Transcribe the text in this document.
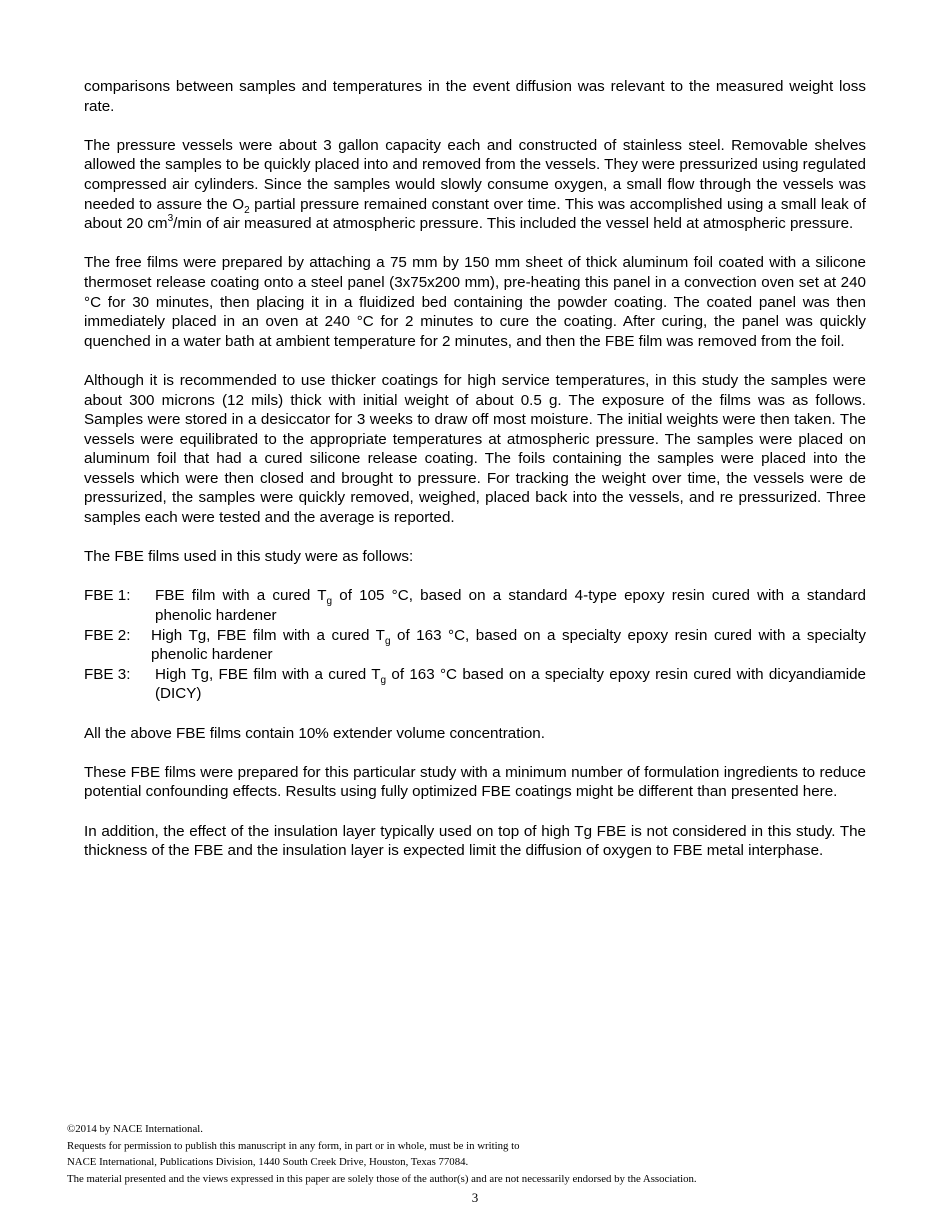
comparisons between samples and temperatures in the event diffusion was relevant to the measured weight loss rate.

The pressure vessels were about 3 gallon capacity each and constructed of stainless steel. Removable shelves allowed the samples to be quickly placed into and removed from the vessels. They were pressurized using regulated compressed air cylinders. Since the samples would slowly consume oxygen, a small flow through the vessels was needed to assure the $O_2$ partial pressure remained constant over time. This was accomplished using a small leak of about 20 $cm^3/\min$ of air measured at atmospheric pressure. This included the vessel held at atmospheric pressure.

The free films were prepared by attaching a 75 mm by 150 mm sheet of thick aluminum foil coated with a silicone thermoset release coating onto a steel panel (3x75x200 mm), pre-heating this panel in a convection oven set at 240 °C for 30 minutes, then placing it in a fluidized bed containing the powder coating. The coated panel was then immediately placed in an oven at 240 °C for 2 minutes to cure the coating. After curing, the panel was quickly quenched in a water bath at ambient temperature for 2 minutes, and then the FBE film was removed from the foil.

Although it is recommended to use thicker coatings for high service temperatures, in this study the samples were about 300 microns (12 mils) thick with initial weight of about 0.5 g. The exposure of the films was as follows. Samples were stored in a desiccator for 3 weeks to draw off most moisture. The initial weights were then taken. The vessels were equilibrated to the appropriate temperatures at atmospheric pressure. The samples were placed on aluminum foil that had a cured silicone release coating. The foils containing the samples were placed into the vessels which were then closed and brought to pressure. For tracking the weight over time, the vessels were de pressurized, the samples were quickly removed, weighed, placed back into the vessels, and re pressurized. Three samples each were tested and the average is reported.

The FBE films used in this study were as follows:

FBE 1:	FBE film with a cured $T_g$ of 105 °C, based on a standard 4-type epoxy resin cured with a standard phenolic hardener
FBE 2:	High Tg, FBE film with a cured $T_g$ of 163 °C, based on a specialty epoxy resin cured with a specialty phenolic hardener
FBE 3:	High Tg, FBE film with a cured $T_g$ of 163 °C based on a specialty epoxy resin cured with dicyandiamide (DICY)

All the above FBE films contain 10% extender volume concentration.

These FBE films were prepared for this particular study with a minimum number of formulation ingredients to reduce potential confounding effects. Results using fully optimized FBE coatings might be different than presented here.

In addition, the effect of the insulation layer typically used on top of high Tg FBE is not considered in this study. The thickness of the FBE and the insulation layer is expected limit the diffusion of oxygen to FBE metal interphase.

©2014 by NACE International.
Requests for permission to publish this manuscript in any form, in part or in whole, must be in writing to
NACE International, Publications Division, 1440 South Creek Drive, Houston, Texas 77084.
The material presented and the views expressed in this paper are solely those of the author(s) and are not necessarily endorsed by the Association.
3
